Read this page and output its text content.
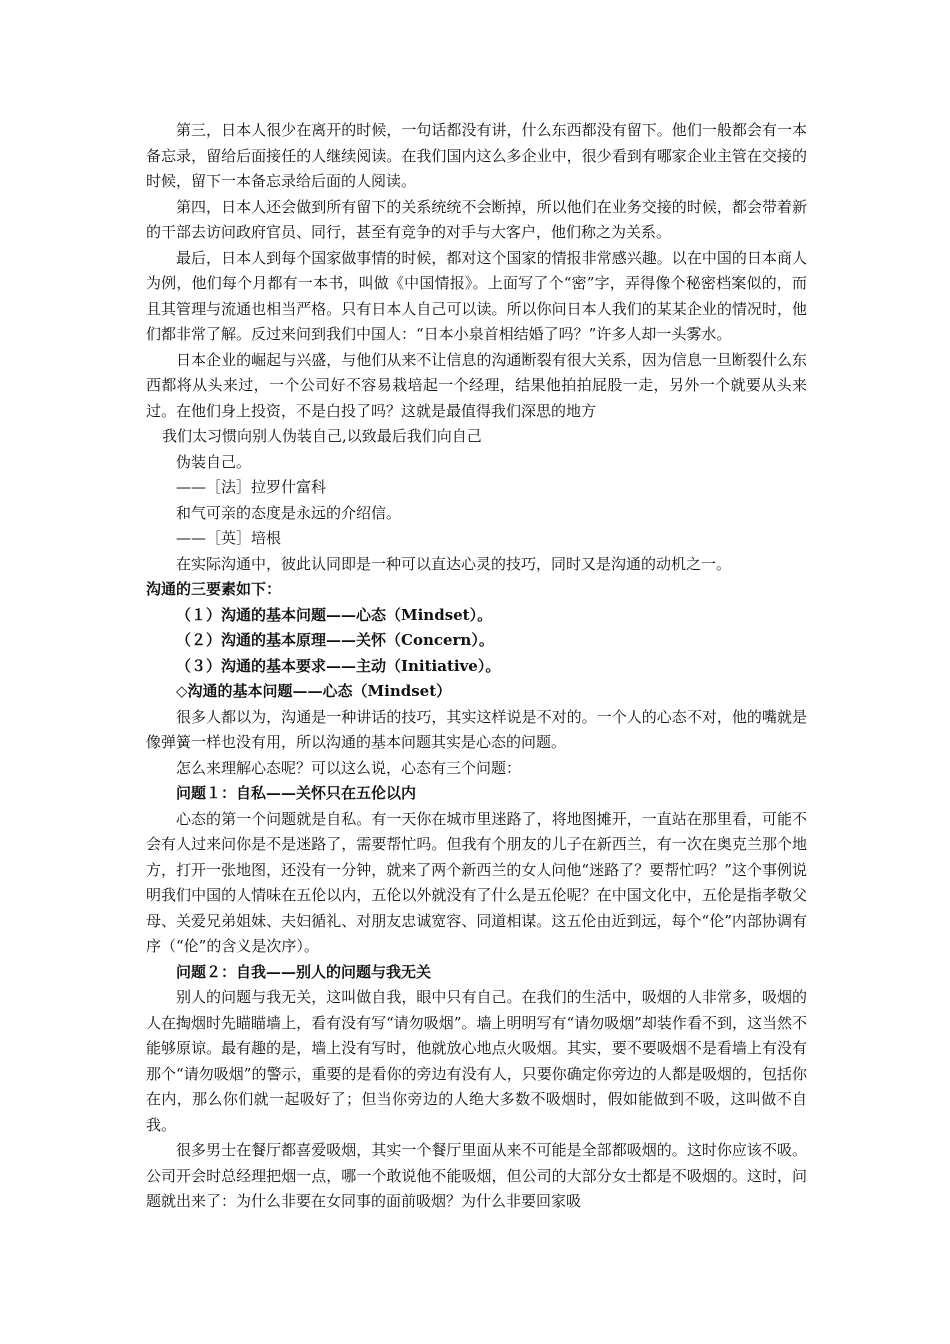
第三，日本人很少在离开的时候，一句话都没有讲，什么东西都没有留下。他们一般都会有一本备忘录，留给后面接任的人继续阅读。在我们国内这么多企业中，很少看到有哪家企业主管在交接的时候，留下一本备忘录给后面的人阅读。

第四，日本人还会做到所有留下的关系统统不会断掉，所以他们在业务交接的时候，都会带着新的干部去访问政府官员、同行，甚至有竞争的对手与大客户，他们称之为关系。

最后，日本人到每个国家做事情的时候，都对这个国家的情报非常感兴趣。以在中国的日本商人为例，他们每个月都有一本书，叫做《中国情报》。上面写了个“密”字，弄得像个秘密档案似的，而且其管理与流通也相当严格。只有日本人自己可以读。所以你问日本人我们的某某企业的情况时，他们都非常了解。反过来问到我们中国人：“日本小泉首相结婚了吗？”许多人却一头雾水。

日本企业的崛起与兴盛，与他们从来不让信息的沟通断裂有很大关系，因为信息一旦断裂什么东西都将从头来过，一个公司好不容易栽培起一个经理，结果他拍拍屁股一走，另外一个就要从头来过。在他们身上投资，不是白投了吗？这就是最值得我们深思的地方

我们太习惯向别人伪装自己,以致最后我们向自己

伪装自己。

——［法］拉罗什富科

和气可亲的态度是永远的介绍信。

——［英］培根

在实际沟通中，彼此认同即是一种可以直达心灵的技巧，同时又是沟通的动机之一。

沟通的三要素如下：

（１）沟通的基本问题——心态（Mindset）。

（２）沟通的基本原理——关怀（Concern）。

（３）沟通的基本要求——主动（Initiative）。

◇沟通的基本问题——心态（Mindset）

很多人都以为，沟通是一种讲话的技巧，其实这样说是不对的。一个人的心态不对，他的嘴就是像弹簧一样也没有用，所以沟通的基本问题其实是心态的问题。

怎么来理解心态呢？可以这么说，心态有三个问题：

问题１：自私——关怀只在五伦以内

心态的第一个问题就是自私。有一天你在城市里迷路了，将地图摊开，一直站在那里看，可能不会有人过来问你是不是迷路了，需要帮忙吗。但我有个朋友的儿子在新西兰，有一次在奥克兰那个地方，打开一张地图，还没有一分钟，就来了两个新西兰的女人问他“迷路了？要帮忙吗？”这个事例说明我们中国的人情味在五伦以内，五伦以外就没有了什么是五伦呢？在中国文化中，五伦是指孝敬父母、关爱兄弟姐妹、夫妇循礼、对朋友忠诚宽容、同道相谋。这五伦由近到远，每个“伦”内部协调有序（“伦”的含义是次序）。

问题２：自我——别人的问题与我无关

别人的问题与我无关，这叫做自我，眼中只有自己。在我们的生活中，吸烟的人非常多，吸烟的人在掏烟时先瞄瞄墙上，看有没有写“请勿吸烟”。墙上明明写有“请勿吸烟”却装作看不到，这当然不能够原谅。最有趣的是，墙上没有写时，他就放心地点火吸烟。其实，要不要吸烟不是看墙上有没有那个“请勿吸烟”的警示，重要的是看你的旁边有没有人，只要你确定你旁边的人都是吸烟的，包括你在内，那么你们就一起吸好了；但当你旁边的人绝大多数不吸烟时，假如能做到不吸，这叫做不自我。

很多男士在餐厅都喜爱吸烟，其实一个餐厅里面从来不可能是全部都吸烟的。这时你应该不吸。公司开会时总经理把烟一点，哪一个敢说他不能吸烟，但公司的大部分女士都是不吸烟的。这时，问题就出来了：为什么非要在女同事的面前吸烟？为什么非要回家吸
